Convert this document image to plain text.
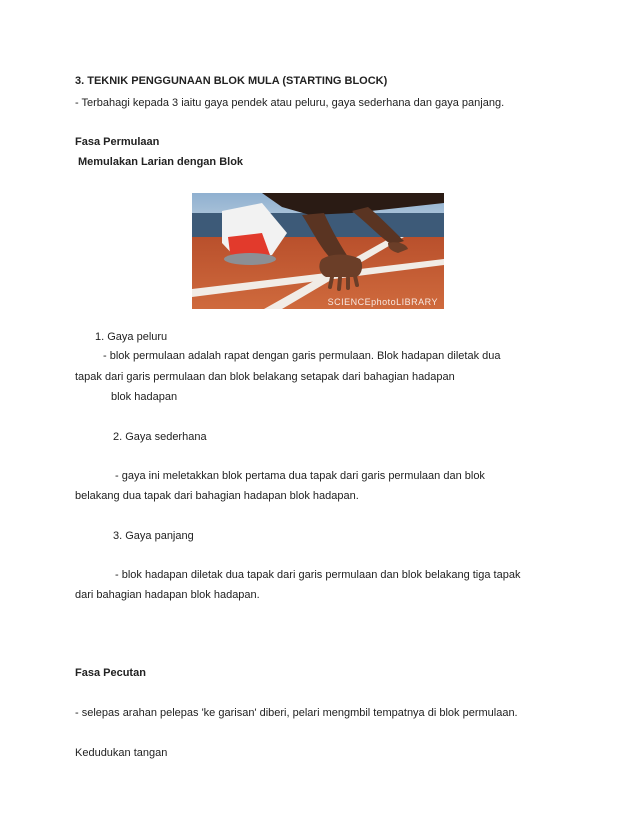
3. TEKNIK PENGGUNAAN BLOK MULA (STARTING BLOCK)
- Terbahagi kepada 3 iaitu gaya pendek atau peluru, gaya sederhana dan gaya panjang.
Fasa Permulaan
Memulakan Larian dengan Blok
SCIENCEphotoLIBRARY
1. Gaya peluru
- blok permulaan adalah rapat dengan garis permulaan. Blok hadapan diletak dua
tapak dari garis permulaan dan blok belakang setapak dari bahagian hadapan
blok hadapan
2. Gaya sederhana
- gaya ini meletakkan blok pertama dua tapak dari garis permulaan dan blok
belakang dua tapak dari bahagian hadapan blok hadapan.
3. Gaya panjang
- blok hadapan diletak dua tapak dari garis permulaan dan blok belakang tiga tapak
dari bahagian hadapan blok hadapan.
Fasa Pecutan
- selepas arahan pelepas 'ke garisan' diberi, pelari mengmbil tempatnya di blok permulaan.
Kedudukan tangan
